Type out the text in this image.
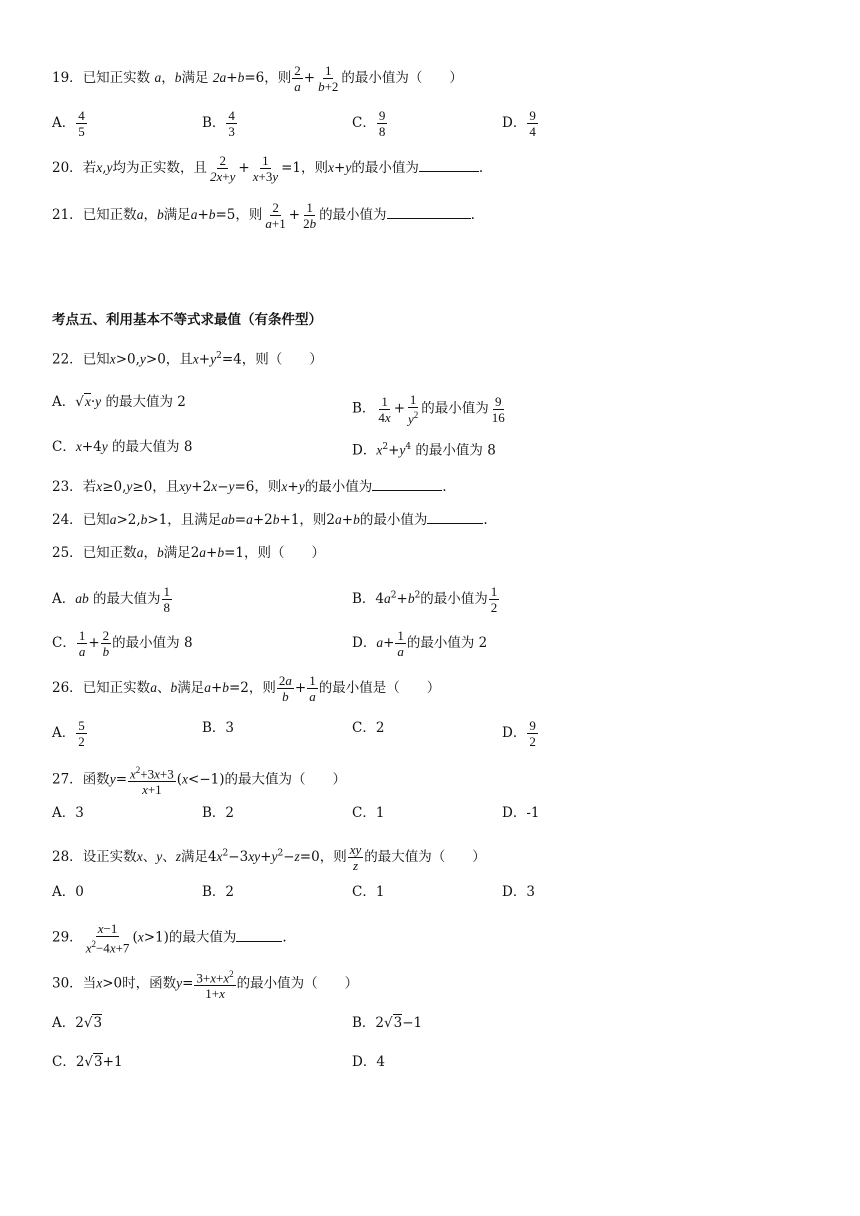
19．已知正实数 a，b满足 2a+b=6，则 $\frac{2}{a} + \frac{1}{b+2}$ 的最小值为（　　）
A． $\frac{4}{5}$	B． $\frac{4}{3}$	C． $\frac{9}{8}$	D． $\frac{9}{4}$
20．若x,y均为正实数，且 $\frac{2}{2x+y} + \frac{1}{x+3y} =1$，则x+y的最小值为	.
21．已知正数a，b满足a+b=5，则 $\frac{2}{a+1} + \frac{1}{2b}$ 的最小值为	.
考点五、利用基本不等式求最值（有条件型）
22．已知x>0,y>0，且$x+y^2=4$，则（　　）
A．√x·y 的最大值为 2	B． $\frac{1}{4x} + \frac{1}{y^2}$ 的最小值为 $\frac{9}{16}$
C．x+4y 的最大值为 8	D．$x^2+y^4$ 的最小值为 8
23．若x≥0,y≥0，且xy+2x−y=6，则x+y的最小值为	.
24．已知a>2,b>1，且满足ab=a+2b+1，则2a+b的最小值为	.
25．已知正数a，b满足2a+b=1，则（　　）
A．ab 的最大值为 $\frac{1}{8}$	B．$4a^2+b^2$的最小值为 $\frac{1}{2}$
C． $\frac{1}{a} + \frac{2}{b}$ 的最小值为 8	D．$a+ \frac{1}{a}$ 的最小值为 2
26．已知正实数a、b满足a+b=2，则 $\frac{2a}{b} + \frac{1}{a}$ 的最小值是（　　）
A． $\frac{5}{2}$	B．3	C．2	D． $\frac{9}{2}$
27．函数$y= \frac{x^2+3x+3}{x+1} (x<-1)$的最大值为（　　）
A．3	B．2	C．1	D．-1
28．设正实数x、y、z满足$4x^2-3xy+y^2-z=0$，则 $\frac{xy}{z}$ 的最大值为（　　）
A．0	B．2	C．1	D．3
29． $\frac{x-1}{x^2-4x+7} (x>1)$的最大值为	.
30．当x>0时，函数$y= \frac{3+x+x^2}{1+x}$ 的最小值为（　　）
A．2√3	B．2√3−1
C．2√3+1	D．4
